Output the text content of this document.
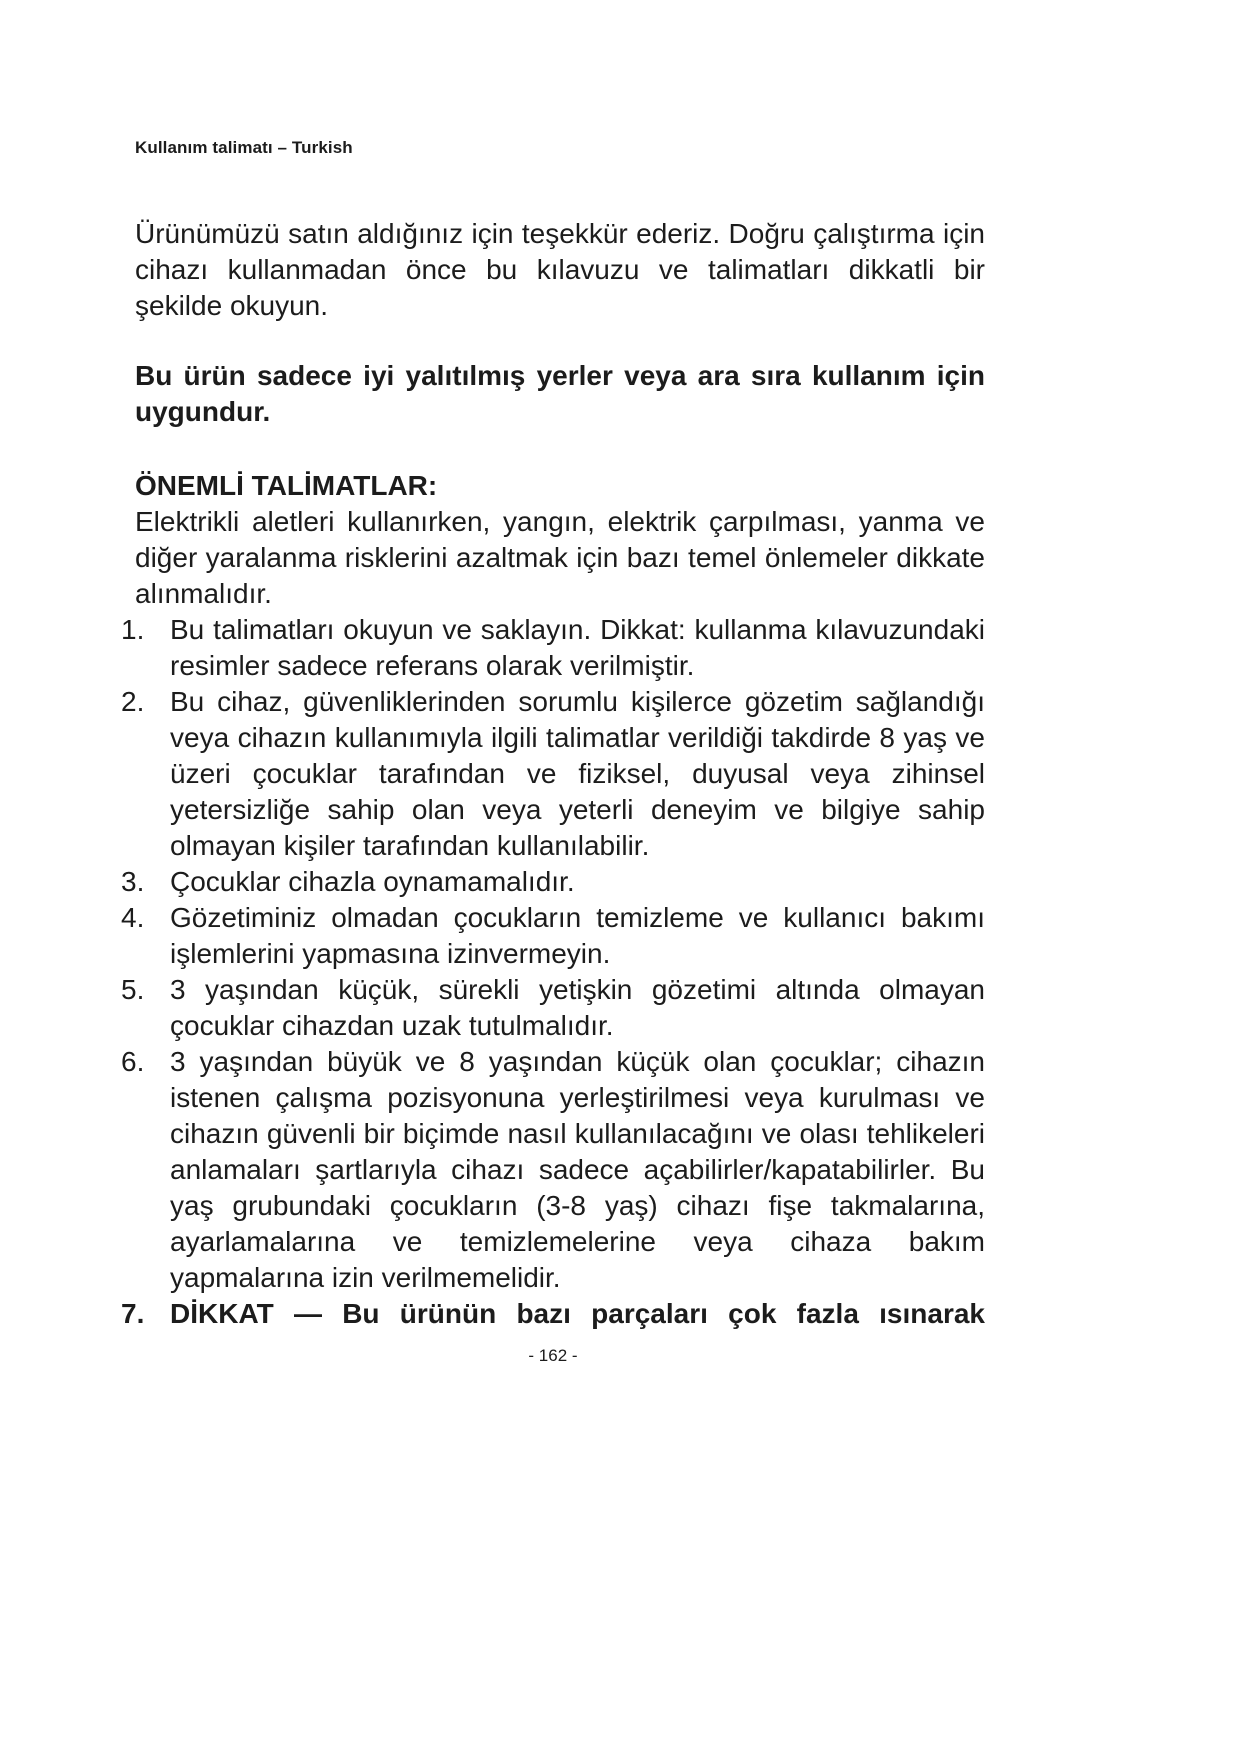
Kullanım talimatı – Turkish

Ürünümüzü satın aldığınız için teşekkür ederiz. Doğru çalıştırma için cihazı kullanmadan önce bu kılavuzu ve talimatları dikkatli bir şekilde okuyun.

Bu ürün sadece iyi yalıtılmış yerler veya ara sıra kullanım için uygundur.

ÖNEMLİ TALİMATLAR:

Elektrikli aletleri kullanırken, yangın, elektrik çarpılması, yanma ve diğer yaralanma risklerini azaltmak için bazı temel önlemeler dikkate alınmalıdır.

1. Bu talimatları okuyun ve saklayın. Dikkat: kullanma kılavuzundaki resimler sadece referans olarak verilmiştir.
2. Bu cihaz, güvenliklerinden sorumlu kişilerce gözetim sağlandığı veya cihazın kullanımıyla ilgili talimatlar verildiği takdirde 8 yaş ve üzeri çocuklar tarafından ve fiziksel, duyusal veya zihinsel yetersizliğe sahip olan veya yeterli deneyim ve bilgiye sahip olmayan kişiler tarafından kullanılabilir.
3. Çocuklar cihazla oynamamalıdır.
4. Gözetiminiz olmadan çocukların temizleme ve kullanıcı bakımı işlemlerini yapmasına izinvermeyin.
5. 3 yaşından küçük, sürekli yetişkin gözetimi altında olmayan çocuklar cihazdan uzak tutulmalıdır.
6. 3 yaşından büyük ve 8 yaşından küçük olan çocuklar; cihazın istenen çalışma pozisyonuna yerleştirilmesi veya kurulması ve cihazın güvenli bir biçimde nasıl kullanılacağını ve olası tehlikeleri anlamaları şartlarıyla cihazı sadece açabilirler/kapatabilirler. Bu yaş grubundaki çocukların (3-8 yaş) cihazı fişe takmalarına, ayarlamalarına ve temizlemelerine veya cihaza bakım yapmalarına izin verilmemelidir.
7. DİKKAT — Bu ürünün bazı parçaları çok fazla ısınarak
- 162 -
